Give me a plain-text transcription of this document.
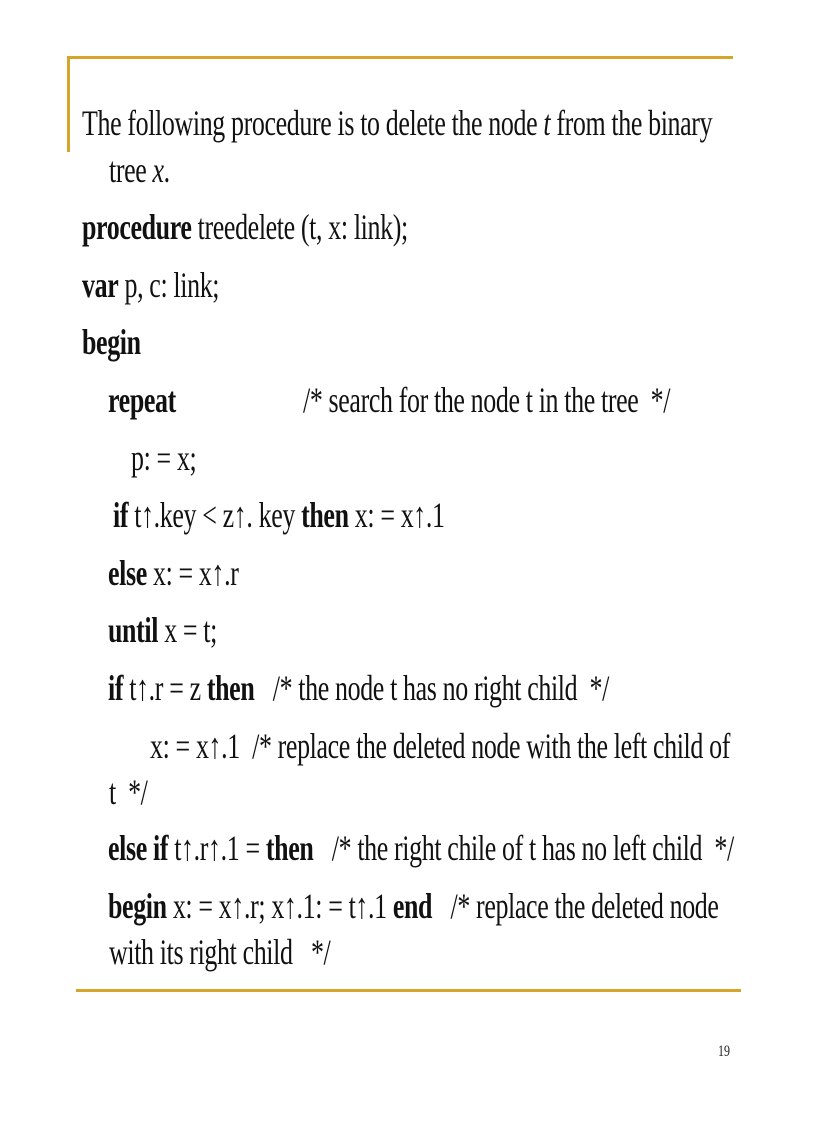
The following procedure is to delete the node t from the binary
tree x.
procedure treedelete (t, x: link);
var p, c: link;
begin
repeat	/* search for the node t in the tree  */
p: = x;
if t↑.key < z↑. key then x: = x↑.1
else x: = x↑.r
until x = t;
if t↑.r = z then   /* the node t has no right child  */
x: = x↑.1  /* replace the deleted node with the left child of
t  */
else if t↑.r↑.1 = then   /* the right chile of t has no left child  */
begin x: = x↑.r; x↑.1: = t↑.1 end   /* replace the deleted node
with its right child   */
19
